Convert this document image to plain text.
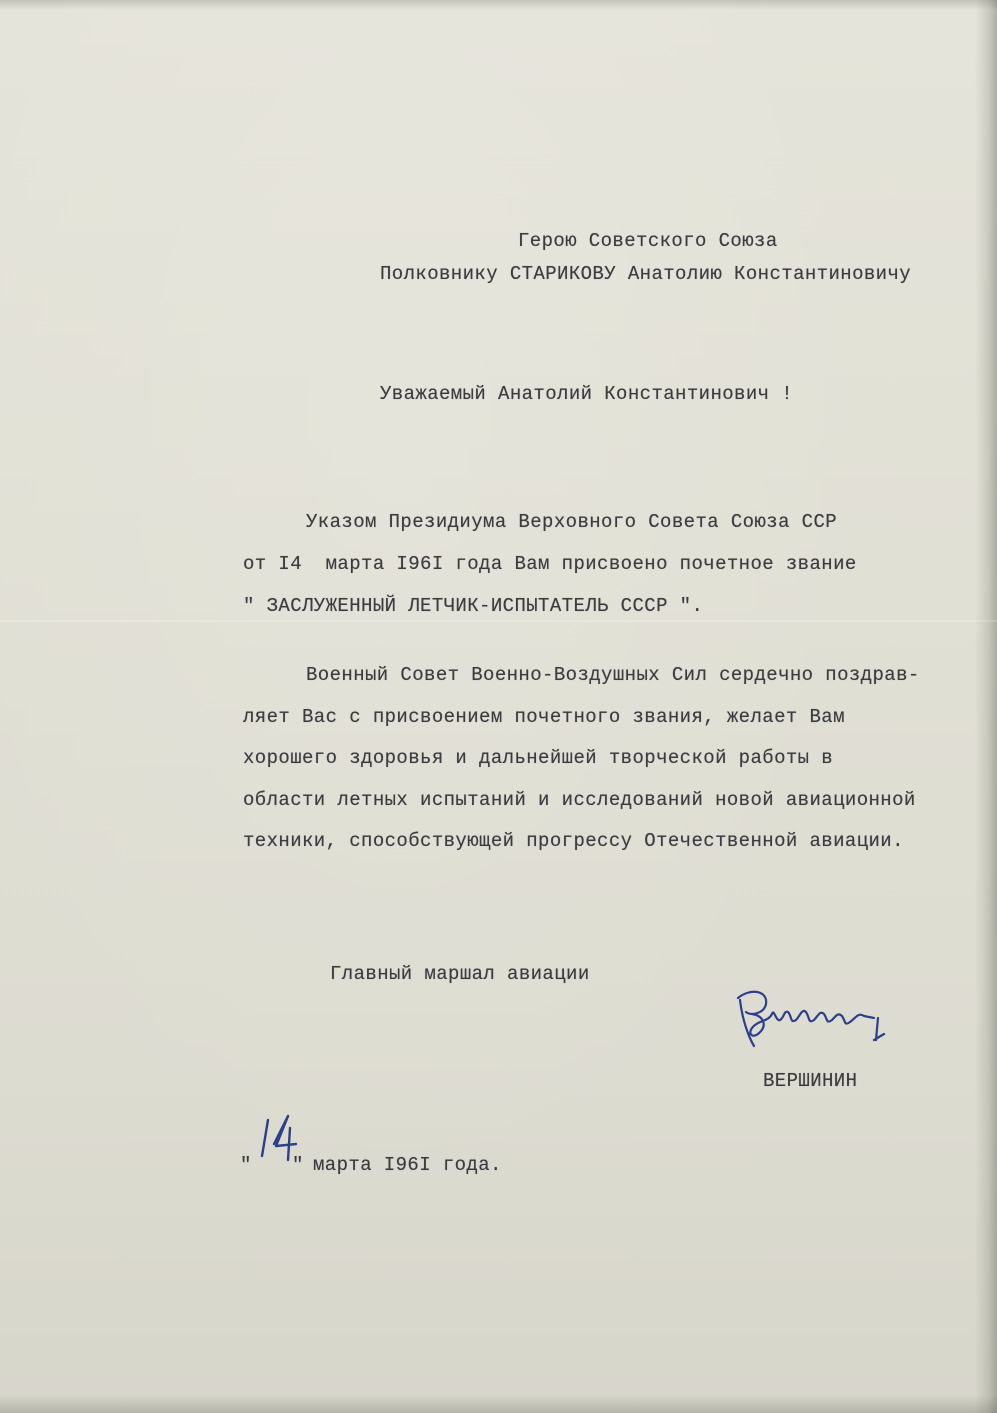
Герою Советского Союза

Полковнику СТАРИКОВУ Анатолию Константиновичу

Уважаемый Анатолий Константинович !

Указом Президиума Верховного Совета Союза ССР

от I4  марта I96I года Вам присвоено почетное звание

" ЗАСЛУЖЕННЫЙ ЛЕТЧИК-ИСПЫТАТЕЛЬ СССР ".

Военный Совет Военно-Воздушных Сил сердечно поздрав-

ляет Вас с присвоением почетного звания, желает Вам

хорошего здоровья и дальнейшей творческой работы в

области летных испытаний и исследований новой авиационной

техники, способствующей прогрессу Отечественной авиации.

Главный маршал авиации

ВЕРШИНИН

" " марта I96I года.
